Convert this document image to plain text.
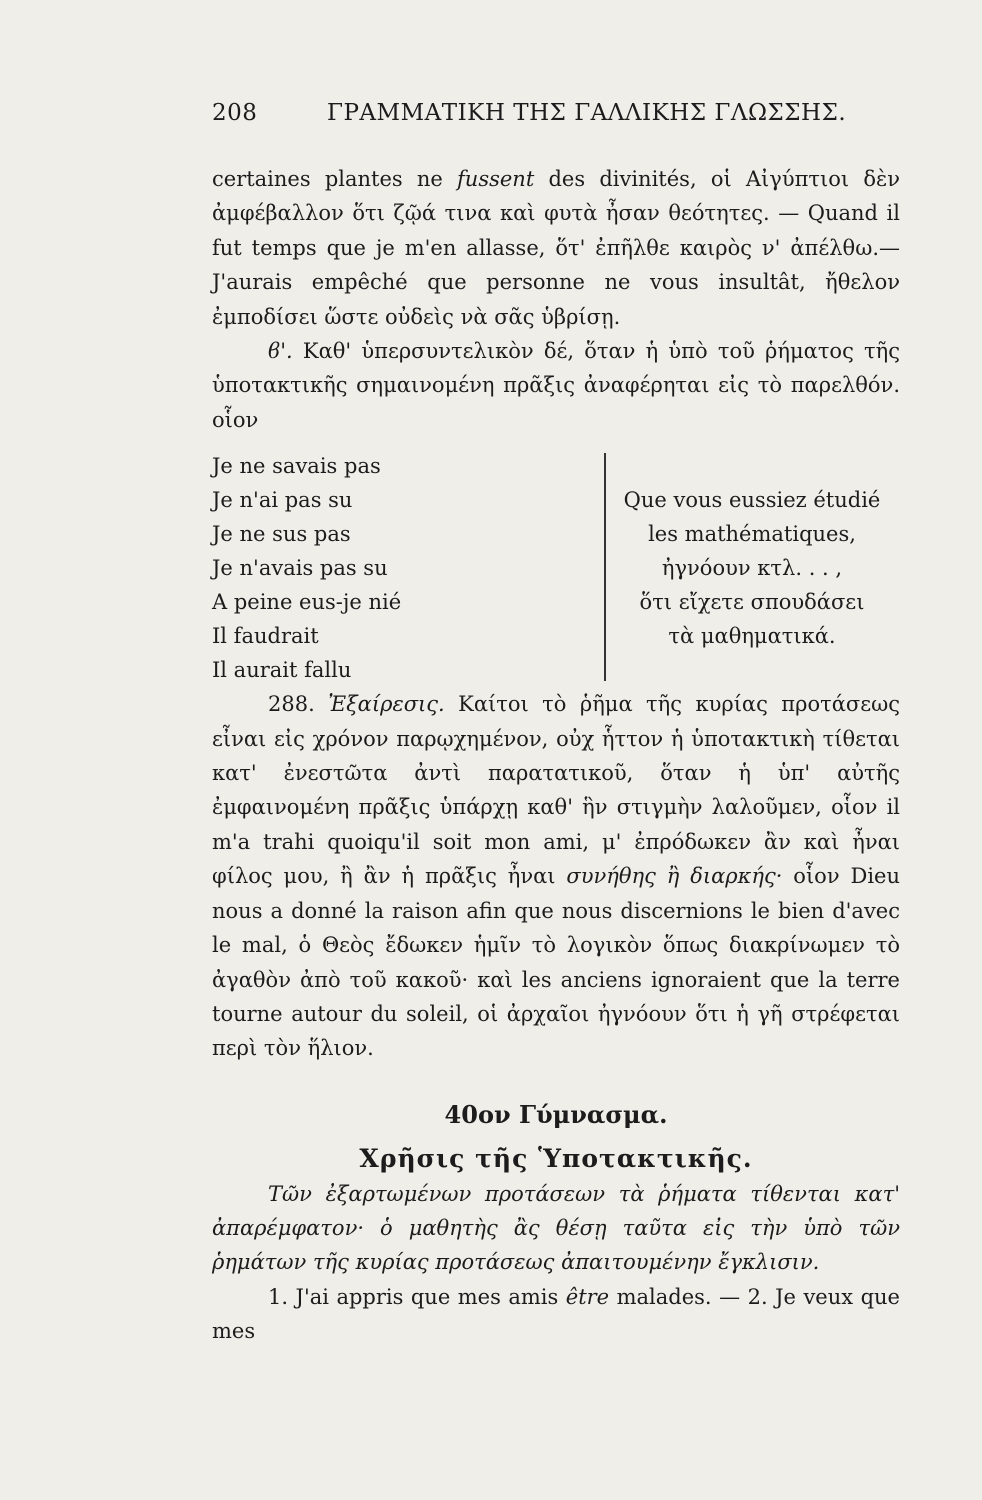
208	ΓΡΑΜΜΑΤΙΚΗ ΤΗΣ ΓΑΛΛΙΚΗΣ ΓΛΩΣΣΗΣ.

certaines plantes ne fussent des divinités, οἱ Αἰγύπτιοι δὲν ἀμφέβαλλον ὅτι ζῷά τινα καὶ φυτὰ ἦσαν θεότητες. — Quand il fut temps que je m'en allasse, ὅτ' ἐπῆλθε καιρὸς ν' ἀπέλθω.—J'aurais empêché que personne ne vous insultât, ἤθελον ἐμποδίσει ὥστε οὐδεὶς νὰ σᾶς ὑβρίσῃ.

ϐ'. Καθ' ὑπερσυντελικὸν δέ, ὅταν ἡ ὑπὸ τοῦ ῥήματος τῆς ὑποτακτικῆς σημαινομένη πρᾶξις ἀναφέρηται εἰς τὸ παρελθόν. οἷον

Je ne savais pas
Je n'ai pas su
Je ne sus pas
Je n'avais pas su
A peine eus-je nié
Il faudrait
Il aurait fallu
Que vous eussiez étudié
les mathématiques,
ἠγνόουν κτλ. . . ,
ὅτι εἴχετε σπουδάσει
τὰ μαθηματικά.

288. Ἐξαίρεσις. Καίτοι τὸ ῥῆμα τῆς κυρίας προτάσεως εἶναι εἰς χρόνον παρῳχημένον, οὐχ ἧττον ἡ ὑποτακτικὴ τίθεται κατ' ἐνεστῶτα ἀντὶ παρατατικοῦ, ὅταν ἡ ὑπ' αὐτῆς ἐμφαινομένη πρᾶξις ὑπάρχῃ καθ' ἣν στιγμὴν λαλοῦμεν, οἷον il m'a trahi quoiqu'il soit mon ami, μ' ἐπρόδωκεν ἂν καὶ ἦναι φίλος μου, ἢ ἂν ἡ πρᾶξις ἦναι συνήθης ἢ διαρκής· οἷον Dieu nous a donné la raison afin que nous discernions le bien d'avec le mal, ὁ Θεὸς ἔδωκεν ἡμῖν τὸ λογικὸν ὅπως διακρίνωμεν τὸ ἀγαθὸν ἀπὸ τοῦ κακοῦ· καὶ les anciens ignoraient que la terre tourne autour du soleil, οἱ ἀρχαῖοι ἠγνόουν ὅτι ἡ γῆ στρέφεται περὶ τὸν ἥλιον.

40ον Γύμνασμα.
Χρῆσις τῆς Ὑποτακτικῆς.

Τῶν ἐξαρτωμένων προτάσεων τὰ ῥήματα τίθενται κατ' ἀπαρέμφατον· ὁ μαθητὴς ἂς θέσῃ ταῦτα εἰς τὴν ὑπὸ τῶν ῥημάτων τῆς κυρίας προτάσεως ἀπαιτουμένην ἔγκλισιν.

1. J'ai appris que mes amis être malades. — 2. Je veux que mes
